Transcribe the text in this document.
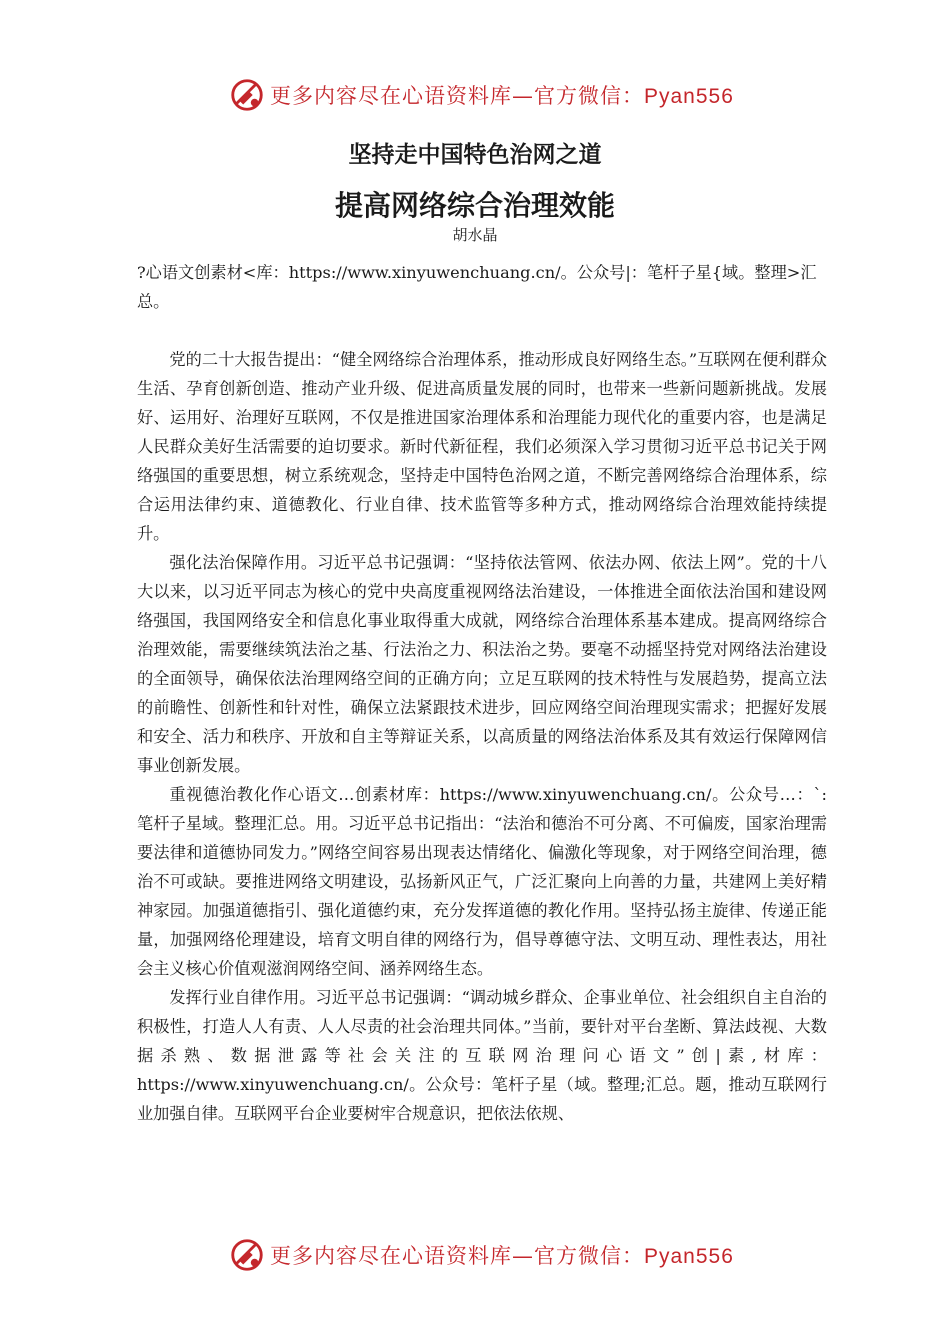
更多内容尽在心语资料库—官方微信：Pyan556
坚持走中国特色治网之道
提高网络综合治理效能
胡水晶

?心语文创素材<库：https://www.xinyuwenchuang.cn/。公众号|：笔杆子星{域。整理>汇总。

党的二十大报告提出：“健全网络综合治理体系，推动形成良好网络生态。”互联网在便利群众生活、孕育创新创造、推动产业升级、促进高质量发展的同时，也带来一些新问题新挑战。发展好、运用好、治理好互联网，不仅是推进国家治理体系和治理能力现代化的重要内容，也是满足人民群众美好生活需要的迫切要求。新时代新征程，我们必须深入学习贯彻习近平总书记关于网络强国的重要思想，树立系统观念，坚持走中国特色治网之道，不断完善网络综合治理体系，综合运用法律约束、道德教化、行业自律、技术监管等多种方式，推动网络综合治理效能持续提升。

强化法治保障作用。习近平总书记强调：“坚持依法管网、依法办网、依法上网”。党的十八大以来，以习近平同志为核心的党中央高度重视网络法治建设，一体推进全面依法治国和建设网络强国，我国网络安全和信息化事业取得重大成就，网络综合治理体系基本建成。提高网络综合治理效能，需要继续筑法治之基、行法治之力、积法治之势。要毫不动摇坚持党对网络法治建设的全面领导，确保依法治理网络空间的正确方向；立足互联网的技术特性与发展趋势，提高立法的前瞻性、创新性和针对性，确保立法紧跟技术进步，回应网络空间治理现实需求；把握好发展和安全、活力和秩序、开放和自主等辩证关系，以高质量的网络法治体系及其有效运行保障网信事业创新发展。

重视德治教化作心语文…创素材库：https://www.xinyuwenchuang.cn/。公众号…：`:笔杆子星域。整理汇总。用。习近平总书记指出：“法治和德治不可分离、不可偏废，国家治理需要法律和道德协同发力。”网络空间容易出现表达情绪化、偏激化等现象，对于网络空间治理，德治不可或缺。要推进网络文明建设，弘扬新风正气，广泛汇聚向上向善的力量，共建网上美好精神家园。加强道德指引、强化道德约束，充分发挥道德的教化作用。坚持弘扬主旋律、传递正能量，加强网络伦理建设，培育文明自律的网络行为，倡导尊德守法、文明互动、理性表达，用社会主义核心价值观滋润网络空间、涵养网络生态。

发挥行业自律作用。习近平总书记强调：“调动城乡群众、企事业单位、社会组织自主自治的积极性，打造人人有责、人人尽责的社会治理共同体。”当前，要针对平台垄断、算法歧视、大数据杀熟、数据泄露等社会关注的互联网治理问心语文”创|素,材库：https://www.xinyuwenchuang.cn/。公众号：笔杆子星（域。整理;汇总。题，推动互联网行业加强自律。互联网平台企业要树牢合规意识，把依法依规、

更多内容尽在心语资料库—官方微信：Pyan556
